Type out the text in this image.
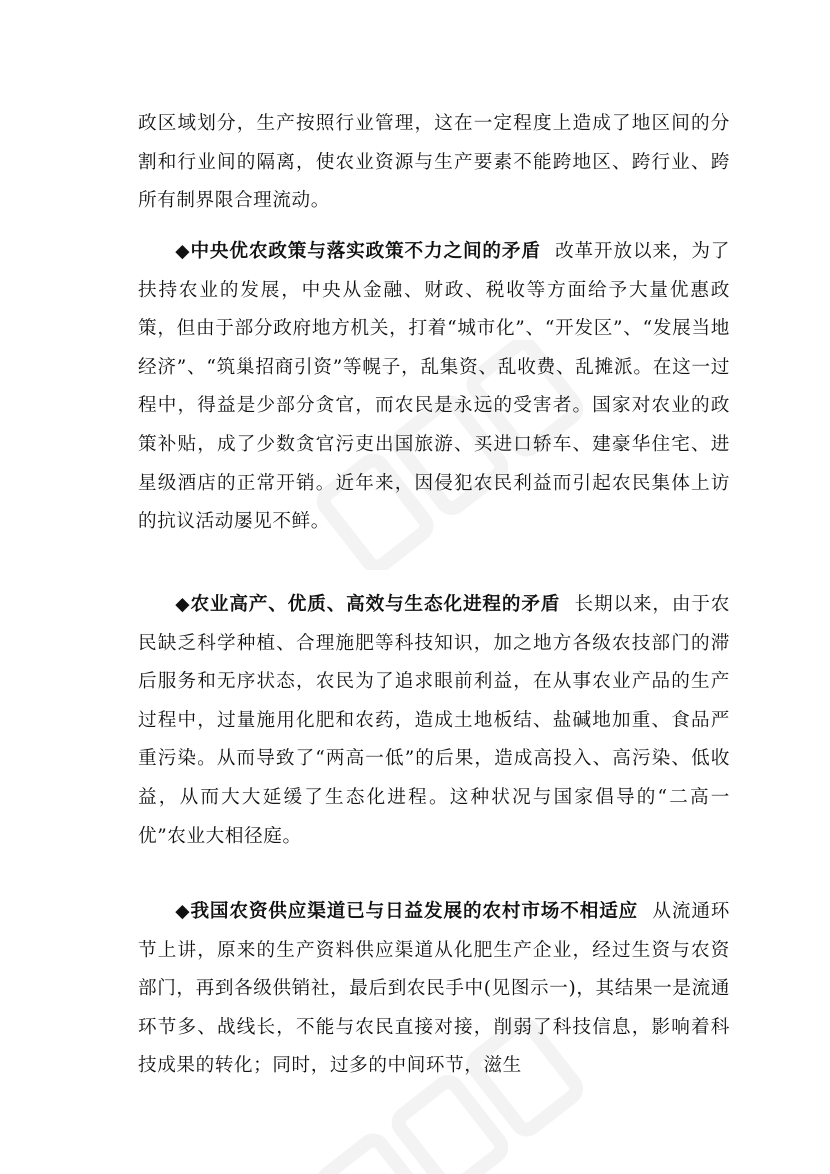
政区域划分，生产按照行业管理，这在一定程度上造成了地区间的分割和行业间的隔离，使农业资源与生产要素不能跨地区、跨行业、跨所有制界限合理流动。

◆中央优农政策与落实政策不力之间的矛盾 改革开放以来，为了扶持农业的发展，中央从金融、财政、税收等方面给予大量优惠政策，但由于部分政府地方机关，打着“城市化”、“开发区”、“发展当地经济”、“筑巢招商引资”等幌子，乱集资、乱收费、乱摊派。在这一过程中，得益是少部分贪官，而农民是永远的受害者。国家对农业的政策补贴，成了少数贪官污吏出国旅游、买进口轿车、建豪华住宅、进星级酒店的正常开销。近年来，因侵犯农民利益而引起农民集体上访的抗议活动屡见不鲜。

◆农业高产、优质、高效与生态化进程的矛盾 长期以来，由于农民缺乏科学种植、合理施肥等科技知识，加之地方各级农技部门的滞后服务和无序状态，农民为了追求眼前利益，在从事农业产品的生产过程中，过量施用化肥和农药，造成土地板结、盐碱地加重、食品严重污染。从而导致了“两高一低”的后果，造成高投入、高污染、低收益，从而大大延缓了生态化进程。这种状况与国家倡导的“二高一优”农业大相径庭。

◆我国农资供应渠道已与日益发展的农村市场不相适应 从流通环节上讲，原来的生产资料供应渠道从化肥生产企业，经过生资与农资部门，再到各级供销社，最后到农民手中(见图示一)，其结果一是流通环节多、战线长，不能与农民直接对接，削弱了科技信息，影响着科技成果的转化；同时，过多的中间环节，滋生
